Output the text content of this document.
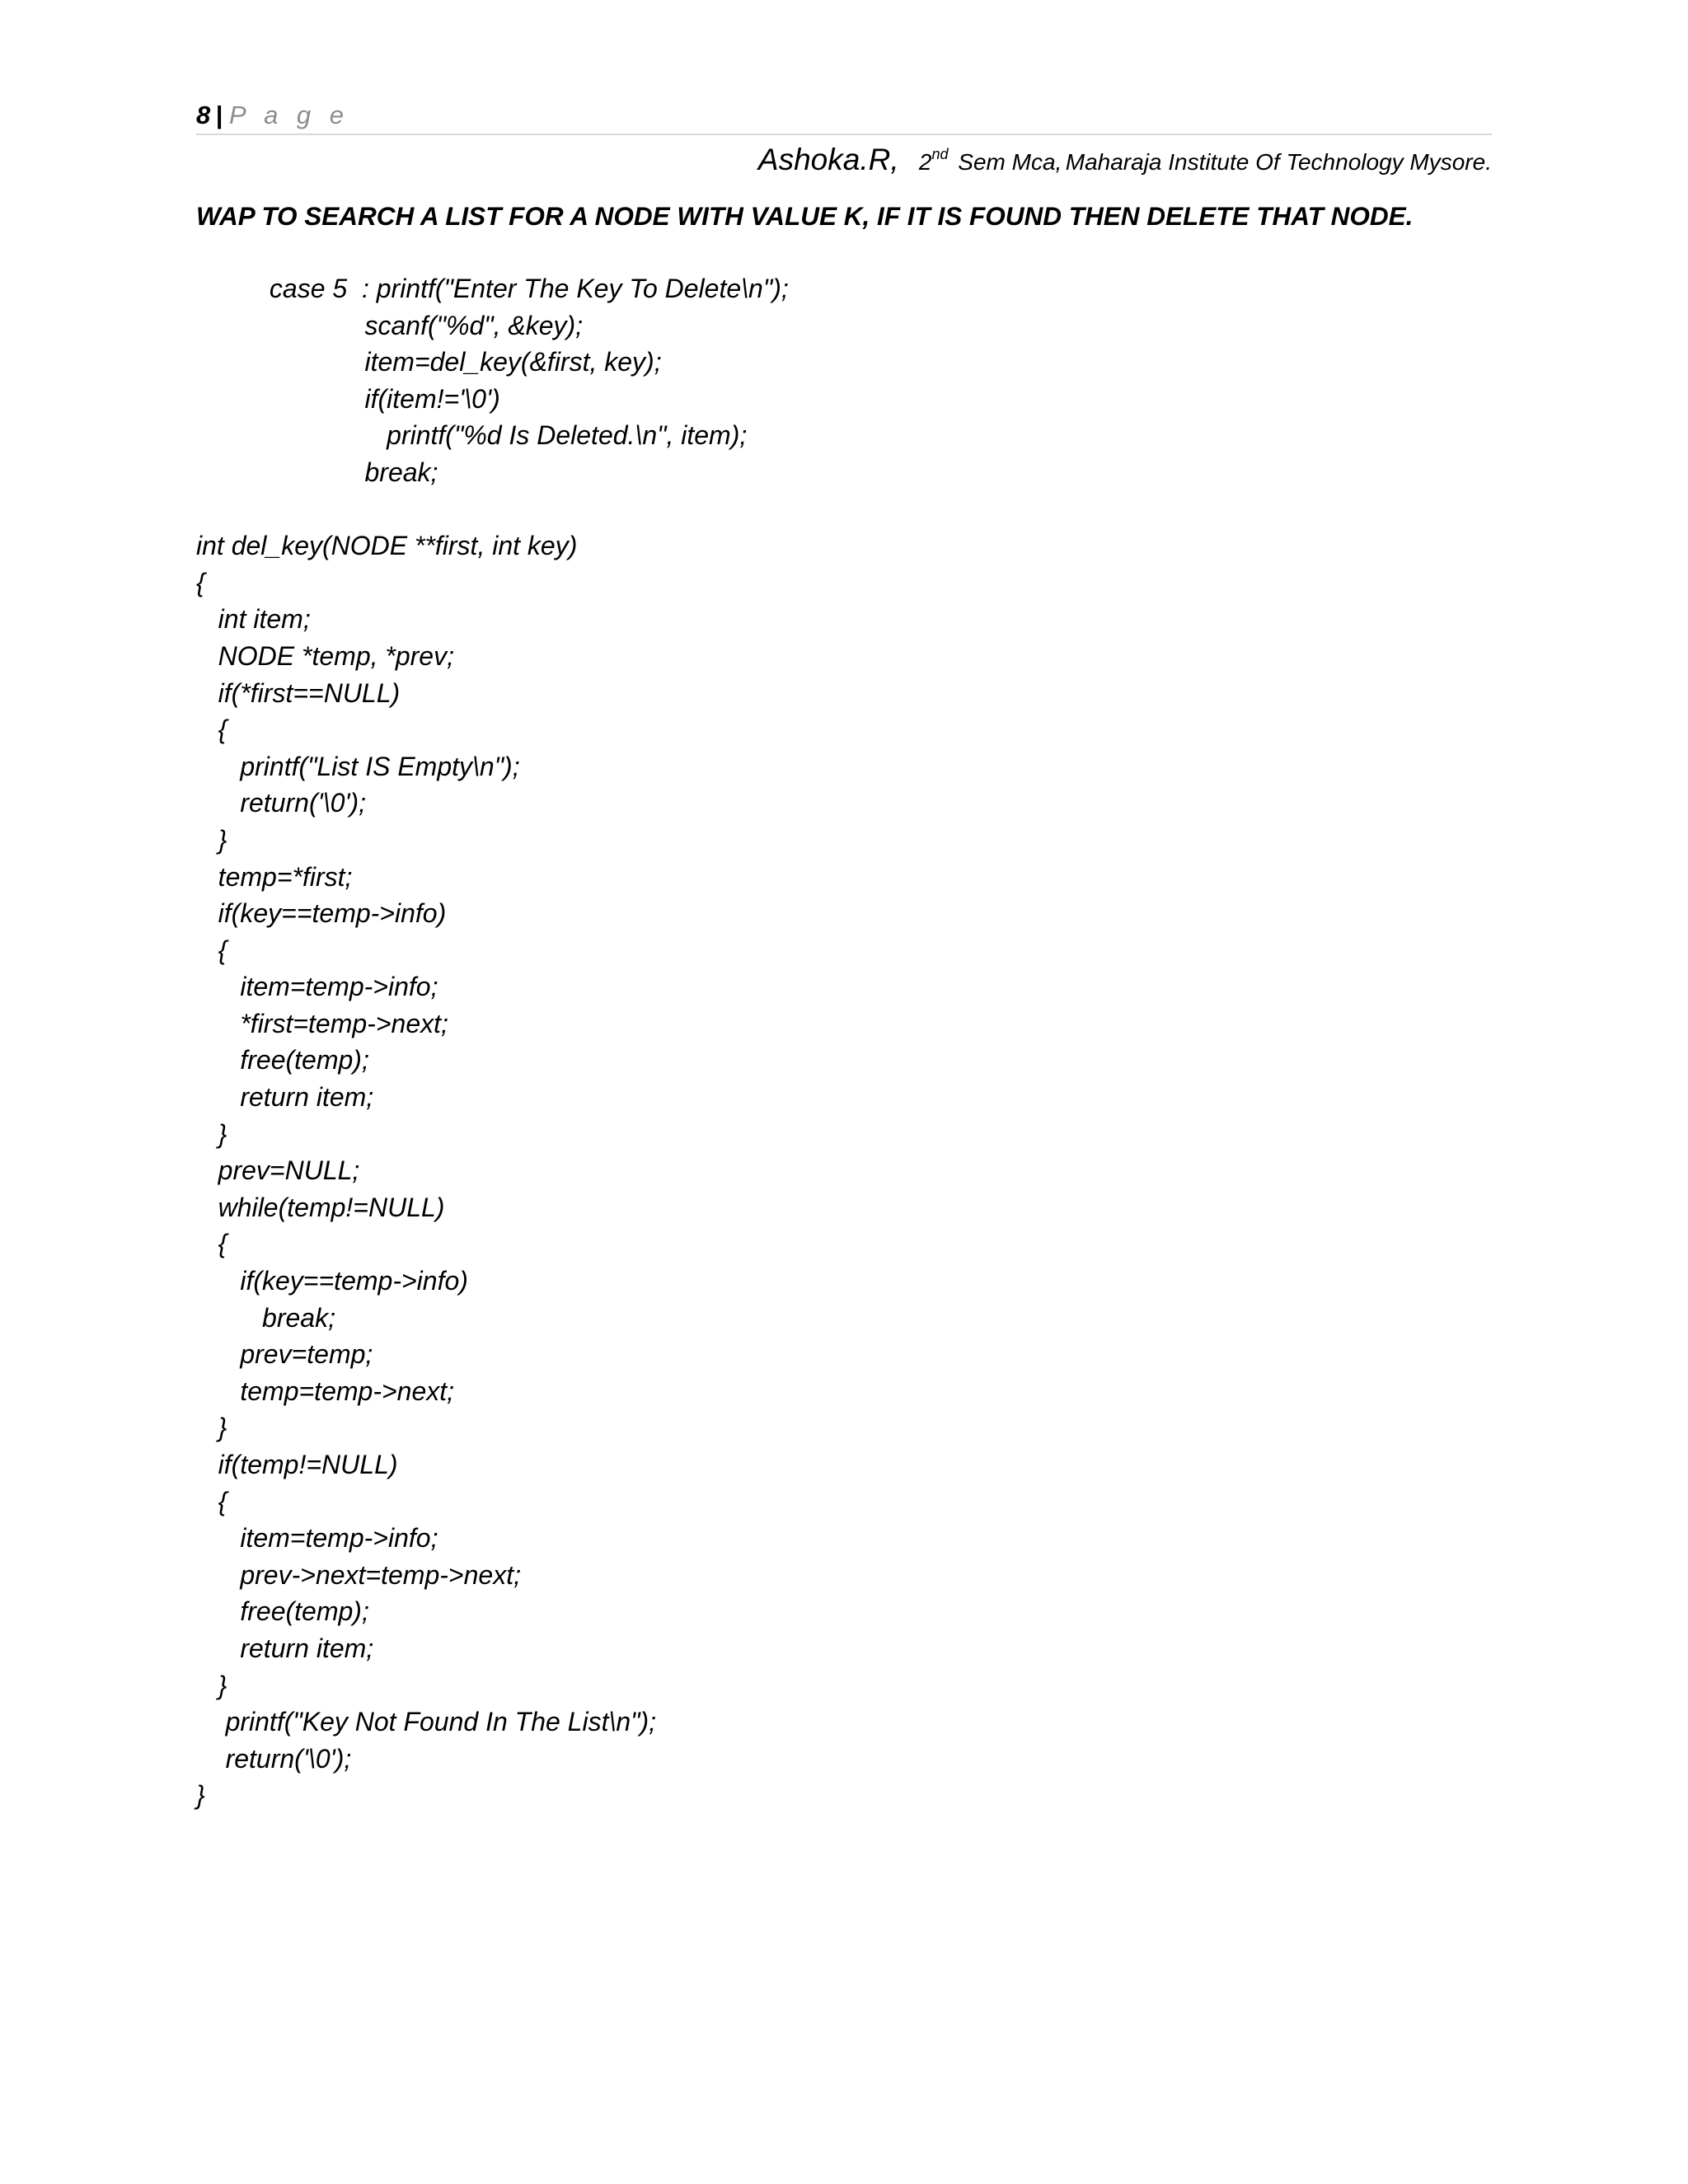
8 | P a g e
Ashoka.R, 2nd Sem Mca, Maharaja Institute Of Technology Mysore.
WAP TO SEARCH A LIST FOR A NODE WITH VALUE K, IF IT IS FOUND THEN DELETE THAT NODE.
case 5  : printf("Enter The Key To Delete\n");
scanf("%d", &key);
item=del_key(&first, key);
if(item!='\0')
printf("%d Is Deleted.\n", item);
break;
int del_key(NODE **first, int key)
{
int item;
NODE *temp, *prev;
if(*first==NULL)
{
printf("List IS Empty\n");
return('\0');
}
temp=*first;
if(key==temp->info)
{
item=temp->info;
*first=temp->next;
free(temp);
return item;
}
prev=NULL;
while(temp!=NULL)
{
if(key==temp->info)
break;
prev=temp;
temp=temp->next;
}
if(temp!=NULL)
{
item=temp->info;
prev->next=temp->next;
free(temp);
return item;
}
printf("Key Not Found In The List\n");
return('\0');
}
